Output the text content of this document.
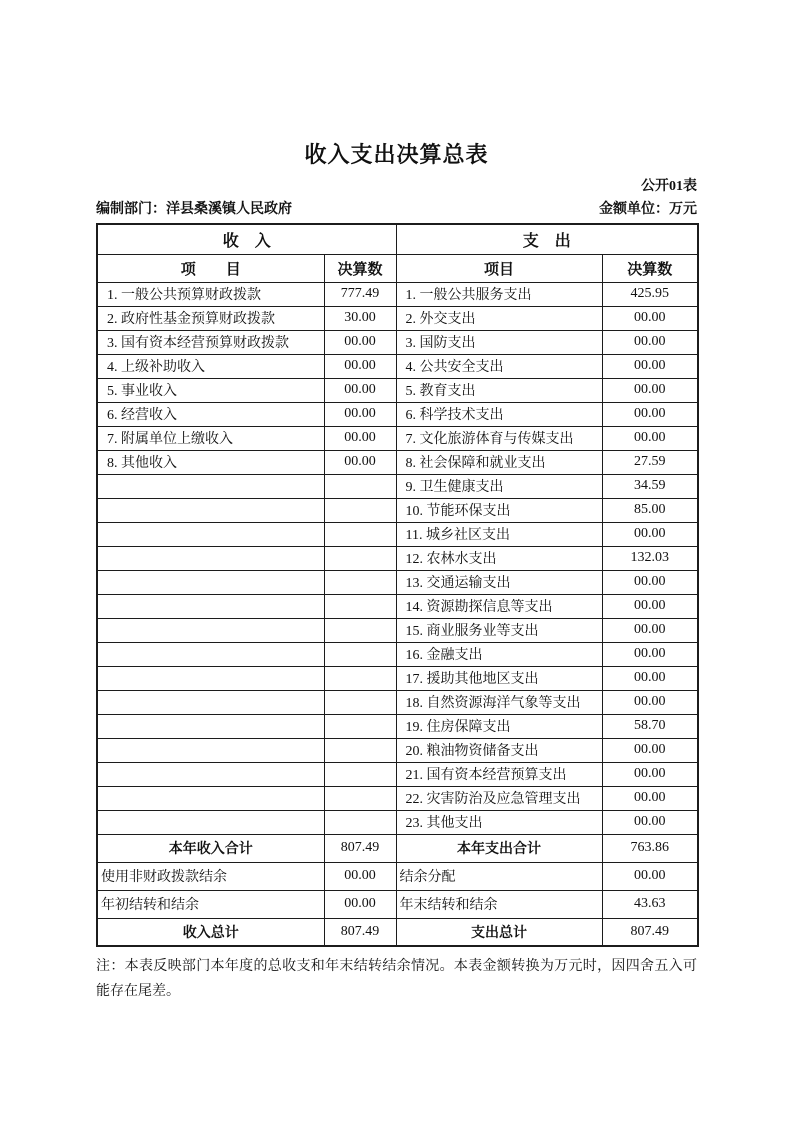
收入支出决算总表
公开01表
编制部门：洋县桑溪镇人民政府	金额单位：万元
收　入		支　出	
项　　目	决算数	项目	决算数
1. 一般公共预算财政拨款	777.49	1. 一般公共服务支出	425.95
2. 政府性基金预算财政拨款	30.00	2. 外交支出	00.00
3. 国有资本经营预算财政拨款	00.00	3. 国防支出	00.00
4. 上级补助收入	00.00	4. 公共安全支出	00.00
5. 事业收入	00.00	5. 教育支出	00.00
6. 经营收入	00.00	6. 科学技术支出	00.00
7. 附属单位上缴收入	00.00	7. 文化旅游体育与传媒支出	00.00
8. 其他收入	00.00	8. 社会保障和就业支出	27.59
		9. 卫生健康支出	34.59
		10. 节能环保支出	85.00
		11. 城乡社区支出	00.00
		12. 农林水支出	132.03
		13. 交通运输支出	00.00
		14. 资源勘探信息等支出	00.00
		15. 商业服务业等支出	00.00
		16. 金融支出	00.00
		17. 援助其他地区支出	00.00
		18. 自然资源海洋气象等支出	00.00
		19. 住房保障支出	58.70
		20. 粮油物资储备支出	00.00
		21. 国有资本经营预算支出	00.00
		22. 灾害防治及应急管理支出	00.00
		23. 其他支出	00.00
本年收入合计	807.49	本年支出合计	763.86
使用非财政拨款结余	00.00	结余分配	00.00
年初结转和结余	00.00	年末结转和结余	43.63
收入总计	807.49	支出总计	807.49
注：本表反映部门本年度的总收支和年末结转结余情况。本表金额转换为万元时，因四舍五入可能存在尾差。
